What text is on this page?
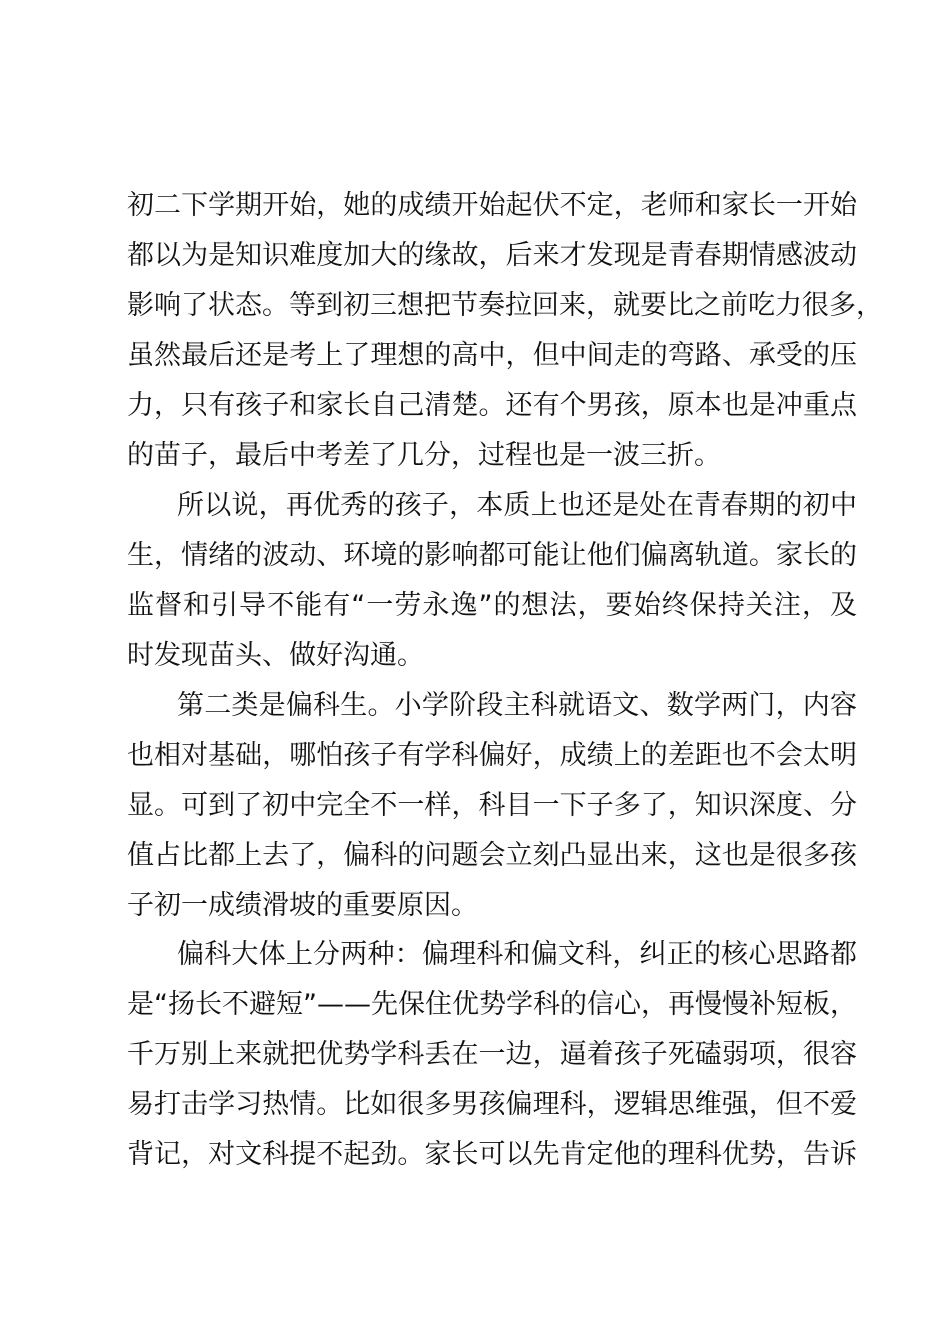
初二下学期开始，她的成绩开始起伏不定，老师和家长一开始
都以为是知识难度加大的缘故，后来才发现是青春期情感波动
影响了状态。等到初三想把节奏拉回来，就要比之前吃力很多，
虽然最后还是考上了理想的高中，但中间走的弯路、承受的压
力，只有孩子和家长自己清楚。还有个男孩，原本也是冲重点
的苗子，最后中考差了几分，过程也是一波三折。
所以说，再优秀的孩子，本质上也还是处在青春期的初中
生，情绪的波动、环境的影响都可能让他们偏离轨道。家长的
监督和引导不能有“一劳永逸”的想法，要始终保持关注，及
时发现苗头、做好沟通。
第二类是偏科生。小学阶段主科就语文、数学两门，内容
也相对基础，哪怕孩子有学科偏好，成绩上的差距也不会太明
显。可到了初中完全不一样，科目一下子多了，知识深度、分
值占比都上去了，偏科的问题会立刻凸显出来，这也是很多孩
子初一成绩滑坡的重要原因。
偏科大体上分两种：偏理科和偏文科，纠正的核心思路都
是“扬长不避短”——先保住优势学科的信心，再慢慢补短板，
千万别上来就把优势学科丢在一边，逼着孩子死磕弱项，很容
易打击学习热情。比如很多男孩偏理科，逻辑思维强，但不爱
背记，对文科提不起劲。家长可以先肯定他的理科优势，告诉
